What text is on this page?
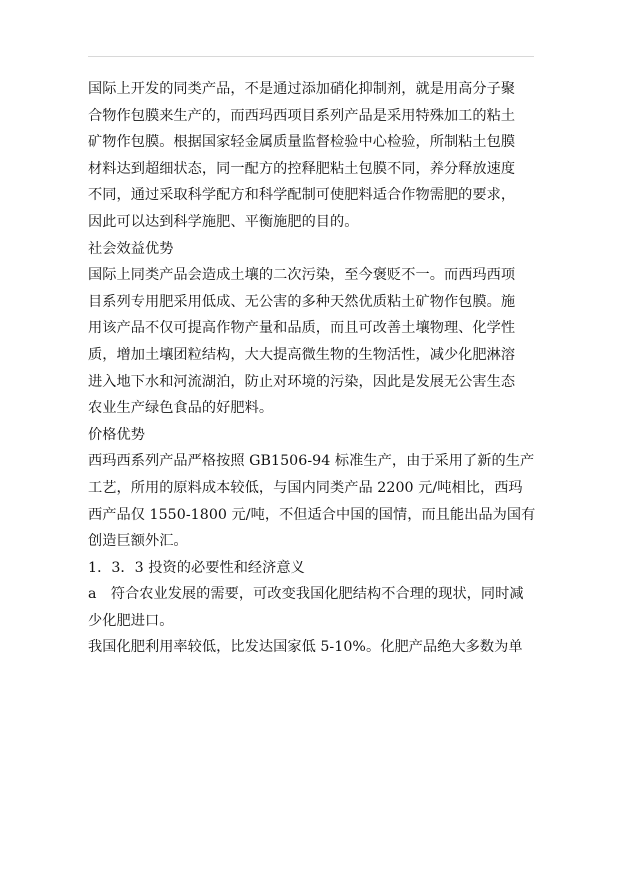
国际上开发的同类产品，不是通过添加硝化抑制剂，就是用高分子聚
合物作包膜来生产的，而西玛西项目系列产品是采用特殊加工的粘土
矿物作包膜。根据国家轻金属质量监督检验中心检验，所制粘土包膜
材料达到超细状态，同一配方的控释肥粘土包膜不同，养分释放速度
不同，通过采取科学配方和科学配制可使肥料适合作物需肥的要求，
因此可以达到科学施肥、平衡施肥的目的。
社会效益优势
国际上同类产品会造成土壤的二次污染，至今褒贬不一。而西玛西项
目系列专用肥采用低成、无公害的多种天然优质粘土矿物作包膜。施
用该产品不仅可提高作物产量和品质，而且可改善土壤物理、化学性
质，增加土壤团粒结构，大大提高微生物的生物活性，减少化肥淋溶
进入地下水和河流湖泊，防止对环境的污染，因此是发展无公害生态
农业生产绿色食品的好肥料。
价格优势
西玛西系列产品严格按照 GB1506-94 标准生产，由于采用了新的生产
工艺，所用的原料成本较低，与国内同类产品 2200 元/吨相比，西玛
西产品仅 1550-1800 元/吨，不但适合中国的国情，而且能出品为国有
创造巨额外汇。
1．3．3 投资的必要性和经济意义
a　符合农业发展的需要，可改变我国化肥结构不合理的现状，同时减
少化肥进口。
我国化肥利用率较低，比发达国家低 5-10%。化肥产品绝大多数为单
